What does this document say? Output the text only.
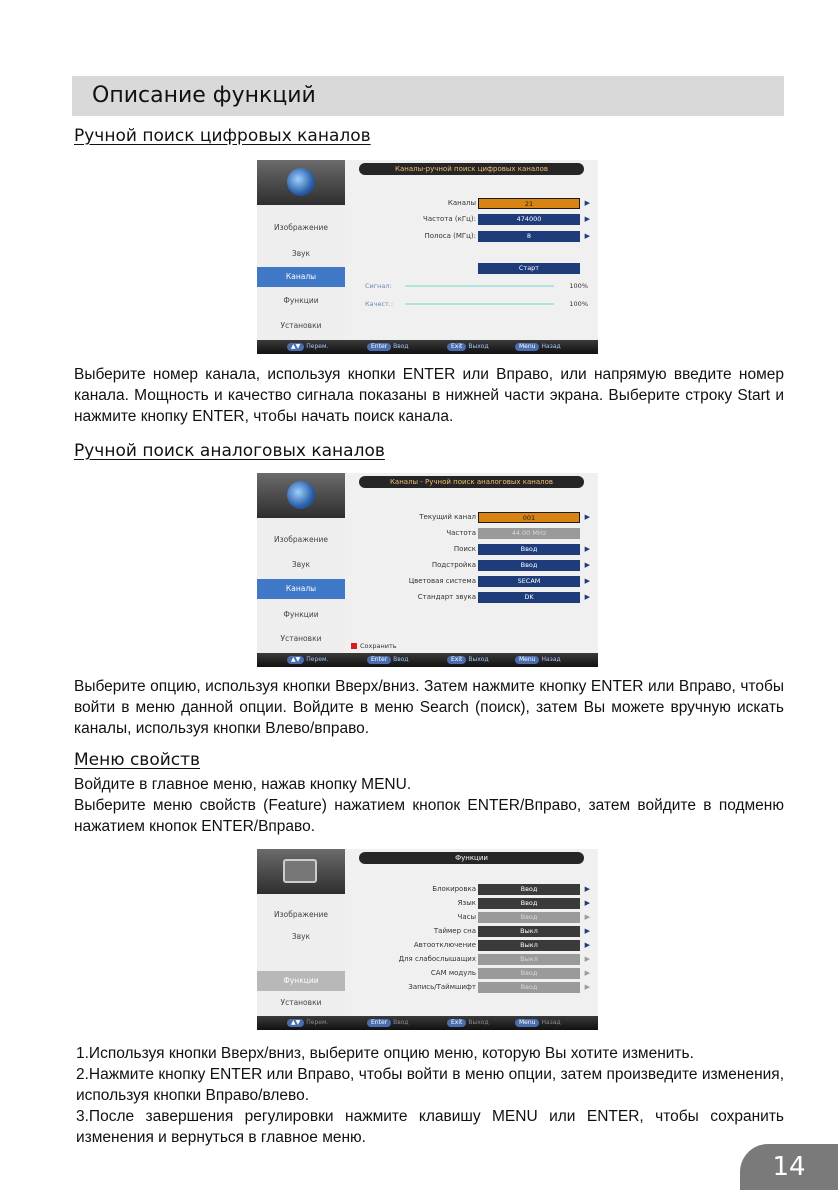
Описание функций
Ручной поиск цифровых каналов
Изображение
Звук
Каналы
Функции
Установки
Каналы-ручной поиск цифровых каналов
Каналы	21	▶
Частота (кГц):	474000	▶
Полоса (МГц):	8	▶
Старт
Сигнал:	100%
Качест.:	100%
▲▼ Перем.	Enter Ввод	Exit Выход	Menu Назад

Выберите номер канала, используя кнопки ENTER или Вправо, или напрямую введите номер канала. Мощность и качество сигнала показаны в нижней части экрана. Выберите строку Start и нажмите кнопку ENTER, чтобы начать поиск канала.

Ручной поиск аналоговых каналов
Изображение
Звук
Каналы
Функции
Установки
Каналы - Ручной поиск аналоговых каналов
Текущий канал	001	▶
Частота	44.00 MHz
Поиск	Ввод	▶
Подстройка	Ввод	▶
Цветовая система	SECAM	▶
Стандарт звука	DK	▶
Сохранить
▲▼ Перем.	Enter Ввод	Exit Выход	Menu Назад

Выберите опцию, используя кнопки Вверх/вниз. Затем нажмите кнопку ENTER или Вправо, чтобы войти в меню данной опции. Войдите в меню Search (поиск), затем Вы можете вручную искать каналы, используя кнопки Влево/вправо.

Меню свойств

Войдите в главное меню, нажав кнопку MENU.

Выберите меню свойств (Feature) нажатием кнопок ENTER/Вправо, затем войдите в подменю нажатием кнопок ENTER/Вправо.

Изображение
Звук
Функции
Установки
Функции
Блокировка	Ввод	▶
Язык	Ввод	▶
Часы	Ввод	▶
Таймер сна	Выкл	▶
Автоотключение	Выкл	▶
Для слабослышащих	Выкл	▶
CAM модуль	Ввод	▶
Запись/Таймшифт	Ввод	▶
▲▼ Перем.	Enter Ввод	Exit Выход	Menu Назад

1.Используя кнопки Вверх/вниз, выберите опцию меню, которую Вы хотите изменить.

2.Нажмите кнопку ENTER или Вправо, чтобы войти в меню опции, затем произведите изменения, используя кнопки Вправо/влево.

3.После завершения регулировки нажмите клавишу MENU или ENTER, чтобы сохранить изменения и вернуться в главное меню.

14
